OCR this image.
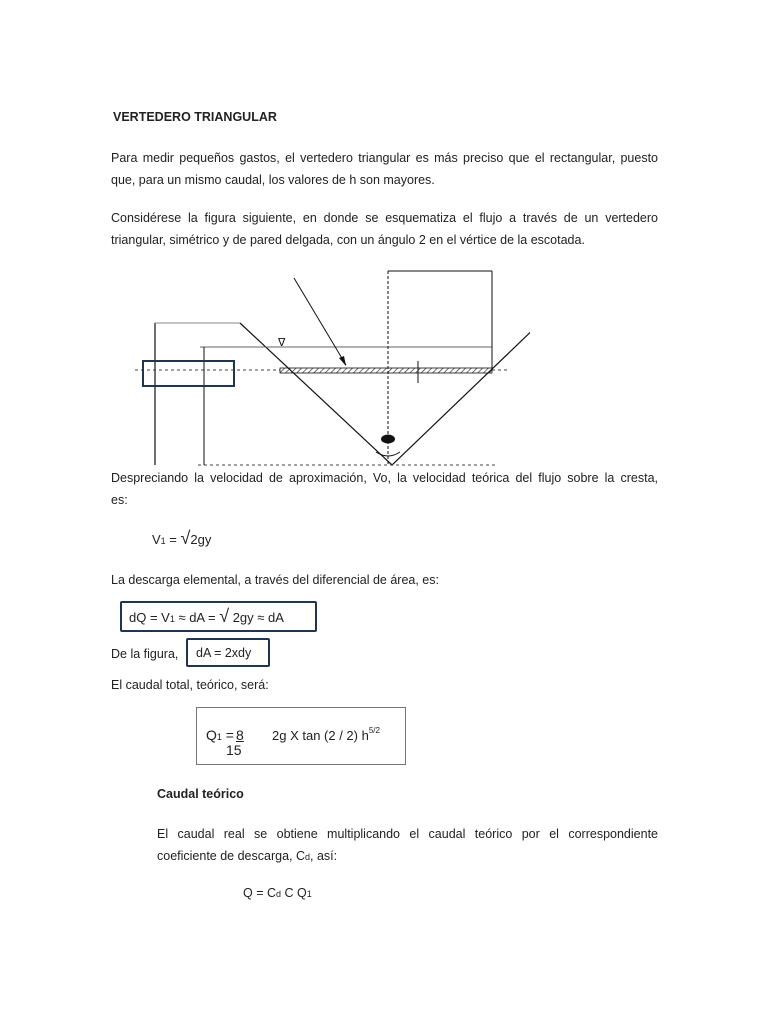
VERTEDERO TRIANGULAR
Para medir pequeños gastos, el vertedero triangular es más preciso que el rectangular, puesto
que, para un mismo caudal, los valores de h son mayores.
Considérese la figura siguiente, en donde se esquematiza el flujo a través de un vertedero
triangular, simétrico y de pared delgada, con un ángulo 2 en el vértice de la escotada.
∇
Despreciando la velocidad de aproximación, Vo, la velocidad teórica del flujo sobre la cresta,
es:
V1 = √2gy
La descarga elemental, a través del diferencial de área, es:
dQ = V1 ≈ dA = √ 2gy ≈ dA
De la figura, dA = 2xdy
El caudal total, teórico, será:
Q1 = 8
15
2g X tan (2 / 2) $h^{5/2}$
Caudal teórico
El caudal real se obtiene multiplicando el caudal teórico por el correspondiente
coeficiente de descarga, Cd, así:
Q = Cd C Q1
